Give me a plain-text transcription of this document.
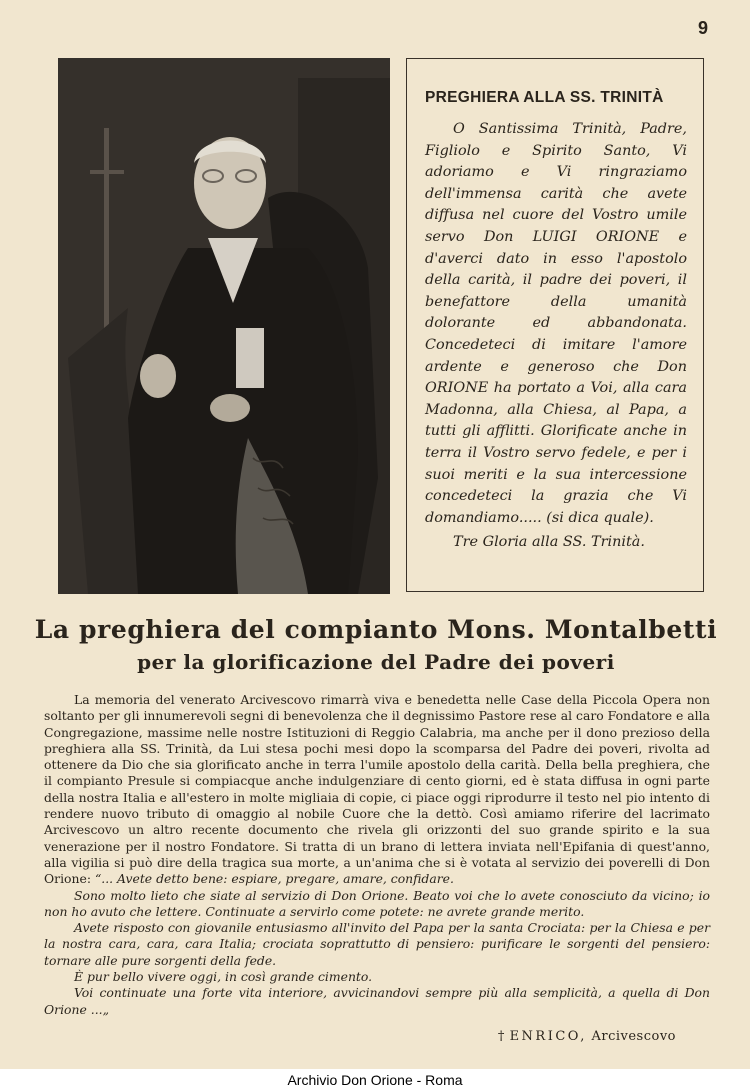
9
PREGHIERA ALLA SS. TRINITÀ

O Santissima Trinità, Padre, Figliolo e Spirito Santo, Vi adoriamo e Vi ringraziamo dell'immensa carità che avete diffusa nel cuore del Vostro umile servo Don LUIGI ORIONE e d'averci dato in esso l'apostolo della carità, il padre dei poveri, il benefattore della umanità dolorante ed abbandonata. Concedeteci di imitare l'amore ardente e generoso che Don ORIONE ha portato a Voi, alla cara Madonna, alla Chiesa, al Papa, a tutti gli afflitti. Glorificate anche in terra il Vostro servo fedele, e per i suoi meriti e la sua intercessione concedeteci la grazia che Vi domandiamo..... (si dica quale).

Tre Gloria alla SS. Trinità.

La preghiera del compianto Mons. Montalbetti
per la glorificazione del Padre dei poveri

La memoria del venerato Arcivescovo rimarrà viva e benedetta nelle Case della Piccola Opera non soltanto per gli innumerevoli segni di benevolenza che il degnissimo Pastore rese al caro Fondatore e alla Congregazione, massime nelle nostre Istituzioni di Reggio Calabria, ma anche per il dono prezioso della preghiera alla SS. Trinità, da Lui stesa pochi mesi dopo la scomparsa del Padre dei poveri, rivolta ad ottenere da Dio che sia glorificato anche in terra l'umile apostolo della carità. Della bella preghiera, che il compianto Presule si compiacque anche indulgenziare di cento giorni, ed è stata diffusa in ogni parte della nostra Italia e all'estero in molte migliaia di copie, ci piace oggi riprodurre il testo nel pio intento di rendere nuovo tributo di omaggio al nobile Cuore che la dettò. Così amiamo riferire del lacrimato Arcivescovo un altro recente documento che rivela gli orizzonti del suo grande spirito e la sua venerazione per il nostro Fondatore. Si tratta di un brano di lettera inviata nell'Epifania di quest'anno, alla vigilia si può dire della tragica sua morte, a un'anima che si è votata al servizio dei poverelli di Don Orione: “... Avete detto bene: espiare, pregare, amare, confidare.

Sono molto lieto che siate al servizio di Don Orione. Beato voi che lo avete conosciuto da vicino; io non ho avuto che lettere. Continuate a servirlo come potete: ne avrete grande merito.

Avete risposto con giovanile entusiasmo all'invito del Papa per la santa Crociata: per la Chiesa e per la nostra cara, cara, cara Italia; crociata soprattutto di pensiero: purificare le sorgenti del pensiero: tornare alle pure sorgenti della fede.

È pur bello vivere oggi, in così grande cimento.

Voi continuate una forte vita interiore, avvicinandovi sempre più alla semplicità, a quella di Don Orione ...„

† ENRICO, Arcivescovo
Archivio Don Orione - Roma
